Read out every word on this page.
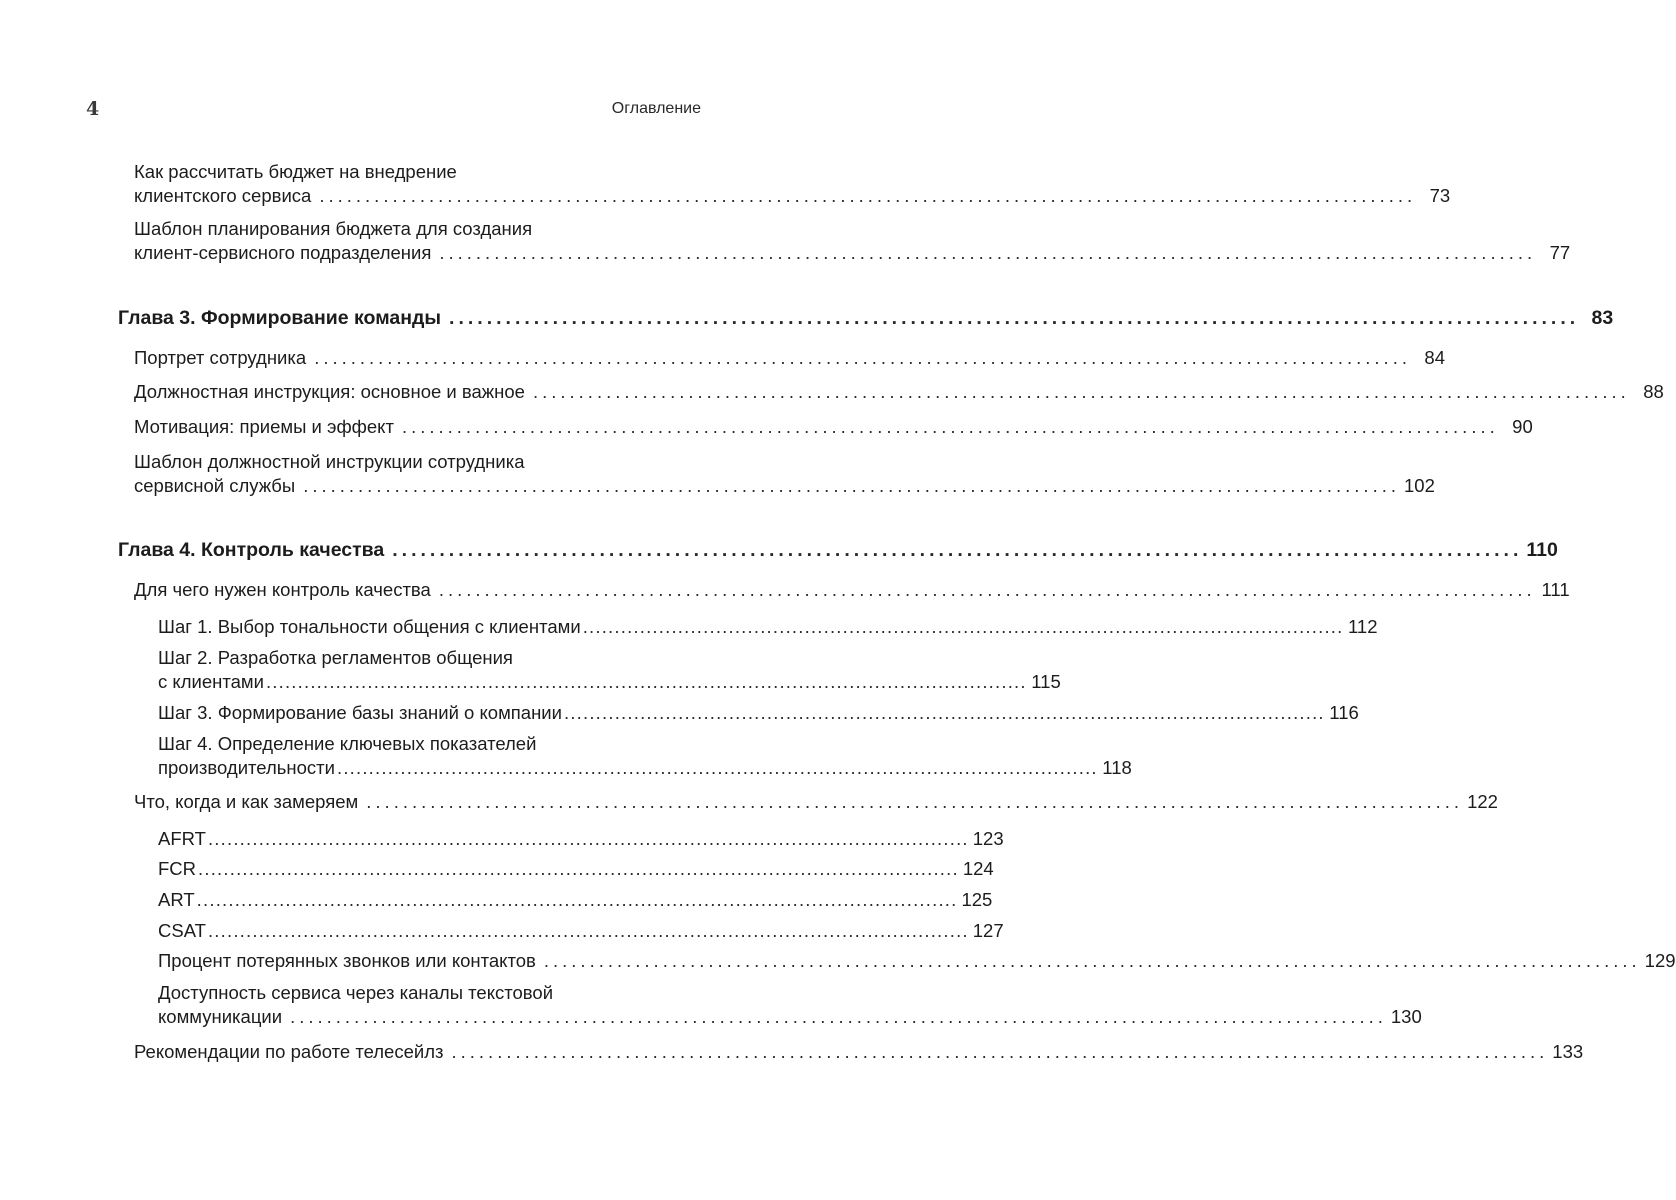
4	Оглавление
Как рассчитать бюджет на внедрение
клиентского сервиса ........................................................................................................................ 73
Шаблон планирования бюджета для создания
клиент-сервисного подразделения ........................................................................................................................ 77
Глава 3. Формирование команды ........................................................................................................................ 83
Портрет сотрудника ........................................................................................................................ 84
Должностная инструкция: основное и важное ........................................................................................................................ 88
Мотивация: приемы и эффект ........................................................................................................................ 90
Шаблон должностной инструкции сотрудника
сервисной службы ........................................................................................................................ 102
Глава 4. Контроль качества ........................................................................................................................ 110
Для чего нужен контроль качества ........................................................................................................................ 111
Шаг 1. Выбор тональности общения с клиентами ........................................................................................................................ 112
Шаг 2. Разработка регламентов общения
с клиентами ........................................................................................................................ 115
Шаг 3. Формирование базы знаний о компании ........................................................................................................................ 116
Шаг 4. Определение ключевых показателей
производительности ........................................................................................................................ 118
Что, когда и как замеряем ........................................................................................................................ 122
AFRT ........................................................................................................................ 123
FCR ........................................................................................................................ 124
ART ........................................................................................................................ 125
CSAT ........................................................................................................................ 127
Процент потерянных звонков или контактов ........................................................................................................................ 129
Доступность сервиса через каналы текстовой
коммуникации ........................................................................................................................ 130
Рекомендации по работе телесейлз ........................................................................................................................ 133
